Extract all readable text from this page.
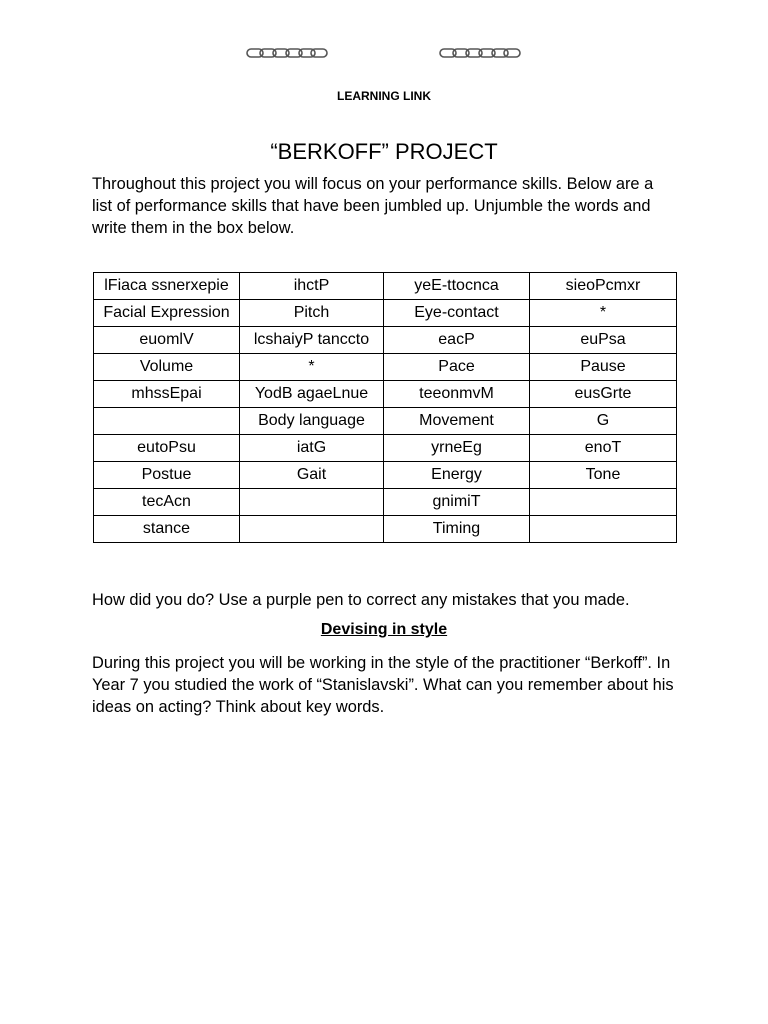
LEARNING LINK
“BERKOFF” PROJECT

Throughout this project you will focus on your performance skills. Below are a list of performance skills that have been jumbled up. Unjumble the words and write them in the box below.

lFiaca ssnerxepie	ihctP	yeE-ttocnca	sieoPcmxr
Facial Expression	Pitch	Eye-contact	*
euomlV	lcshaiyP tanccto	eacP	euPsa
Volume	*	Pace	Pause
mhssEpai	YodB agaeLnue	teeonmvM	eusGrte
	Body language	Movement	G
eutoPsu	iatG	yrneEg	enoT
Postue	Gait	Energy	Tone
tecAcn		gnimiT	
stance		Timing	

How did you do? Use a purple pen to correct any mistakes that you made.

Devising in style

During this project you will be working in the style of the practitioner “Berkoff”. In Year 7 you studied the work of “Stanislavski”. What can you remember about his ideas on acting? Think about key words.
